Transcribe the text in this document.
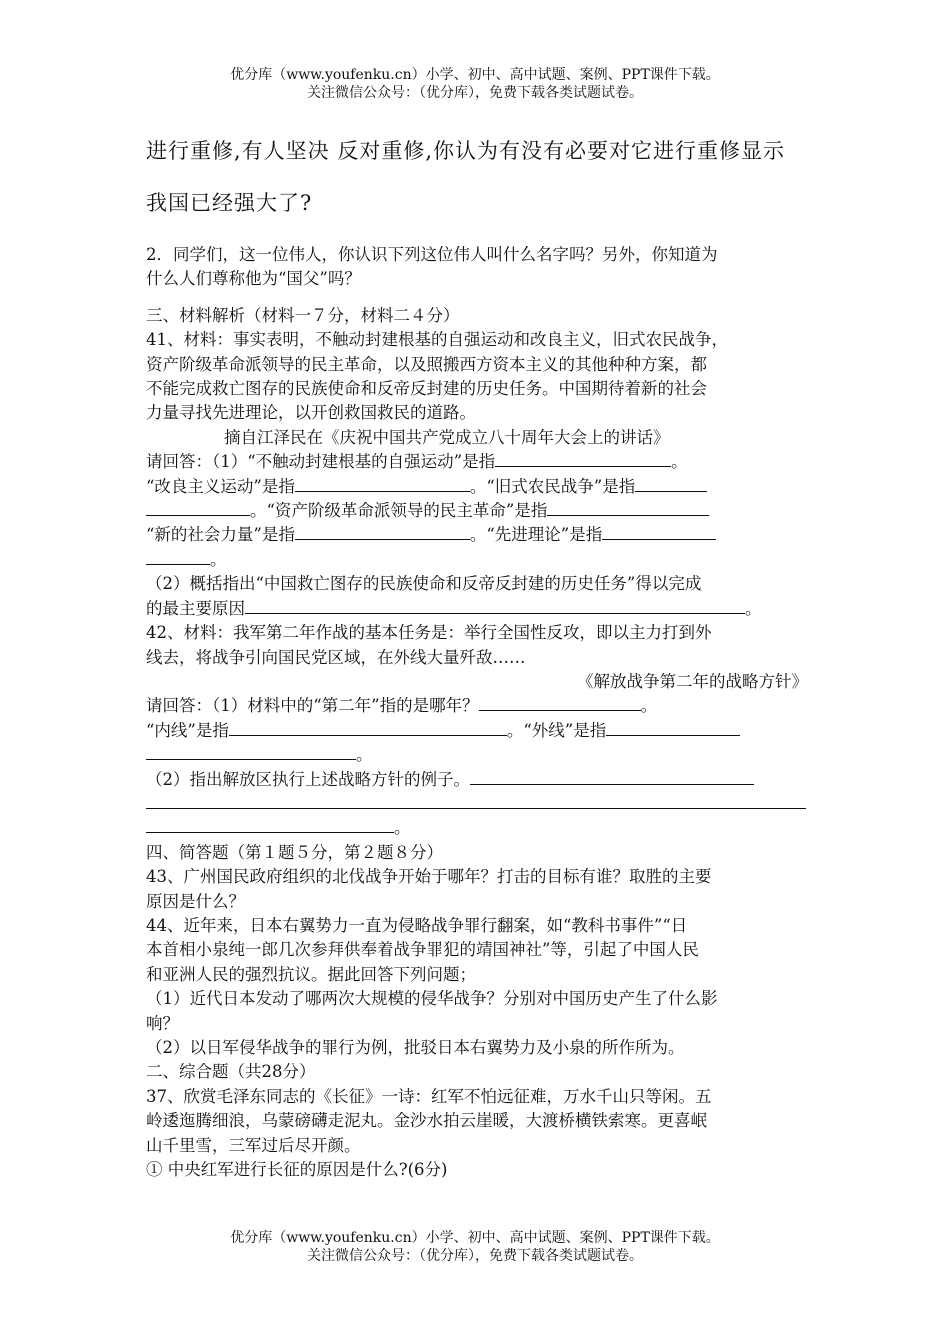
优分库（www.youfenku.cn）小学、初中、高中试题、案例、PPT课件下载。
关注微信公众号：（优分库），免费下载各类试题试卷。
进行重修,有人坚决 反对重修,你认为有没有必要对它进行重修显示
我国已经强大了?

2．同学们，这一位伟人，你认识下列这位伟人叫什么名字吗？另外，你知道为

什么人们尊称他为“国父”吗？

三、材料解析（材料一７分，材料二４分）

41、材料：事实表明，不触动封建根基的自强运动和改良主义，旧式农民战争，

资产阶级革命派领导的民主革命，以及照搬西方资本主义的其他种种方案，都

不能完成救亡图存的民族使命和反帝反封建的历史任务。中国期待着新的社会

力量寻找先进理论，以开创救国救民的道路。

摘自江泽民在《庆祝中国共产党成立八十周年大会上的讲话》

请回答：（1）“不触动封建根基的自强运动”是指	。

“改良主义运动”是指	。“旧式农民战争”是指

。“资产阶级革命派领导的民主革命”是指

“新的社会力量”是指	。“先进理论”是指

。

（2）概括指出“中国救亡图存的民族使命和反帝反封建的历史任务”得以完成

的最主要原因	。

42、材料：我军第二年作战的基本任务是：举行全国性反攻，即以主力打到外

线去，将战争引向国民党区域，在外线大量歼敌……

《解放战争第二年的战略方针》

请回答：（1）材料中的“第二年”指的是哪年？	。

“内线”是指	。“外线”是指

。

（2）指出解放区执行上述战略方针的例子。

。

四、简答题（第１题５分，第２题８分）

43、广州国民政府组织的北伐战争开始于哪年？打击的目标有谁？取胜的主要

原因是什么？

44、近年来，日本右翼势力一直为侵略战争罪行翻案，如“教科书事件”“日

本首相小泉纯一郎几次参拜供奉着战争罪犯的靖国神社”等，引起了中国人民

和亚洲人民的强烈抗议。据此回答下列问题；

（1）近代日本发动了哪两次大规模的侵华战争？分别对中国历史产生了什么影

响？

（2）以日军侵华战争的罪行为例，批驳日本右翼势力及小泉的所作所为。

二、综合题（共28分）

37、欣赏毛泽东同志的《长征》一诗：红军不怕远征难，万水千山只等闲。五

岭逶迤腾细浪，乌蒙磅礴走泥丸。金沙水拍云崖暖，大渡桥横铁索寒。更喜岷

山千里雪，三军过后尽开颜。

① 中央红军进行长征的原因是什么?(6分)

优分库（www.youfenku.cn）小学、初中、高中试题、案例、PPT课件下载。
关注微信公众号：（优分库），免费下载各类试题试卷。
